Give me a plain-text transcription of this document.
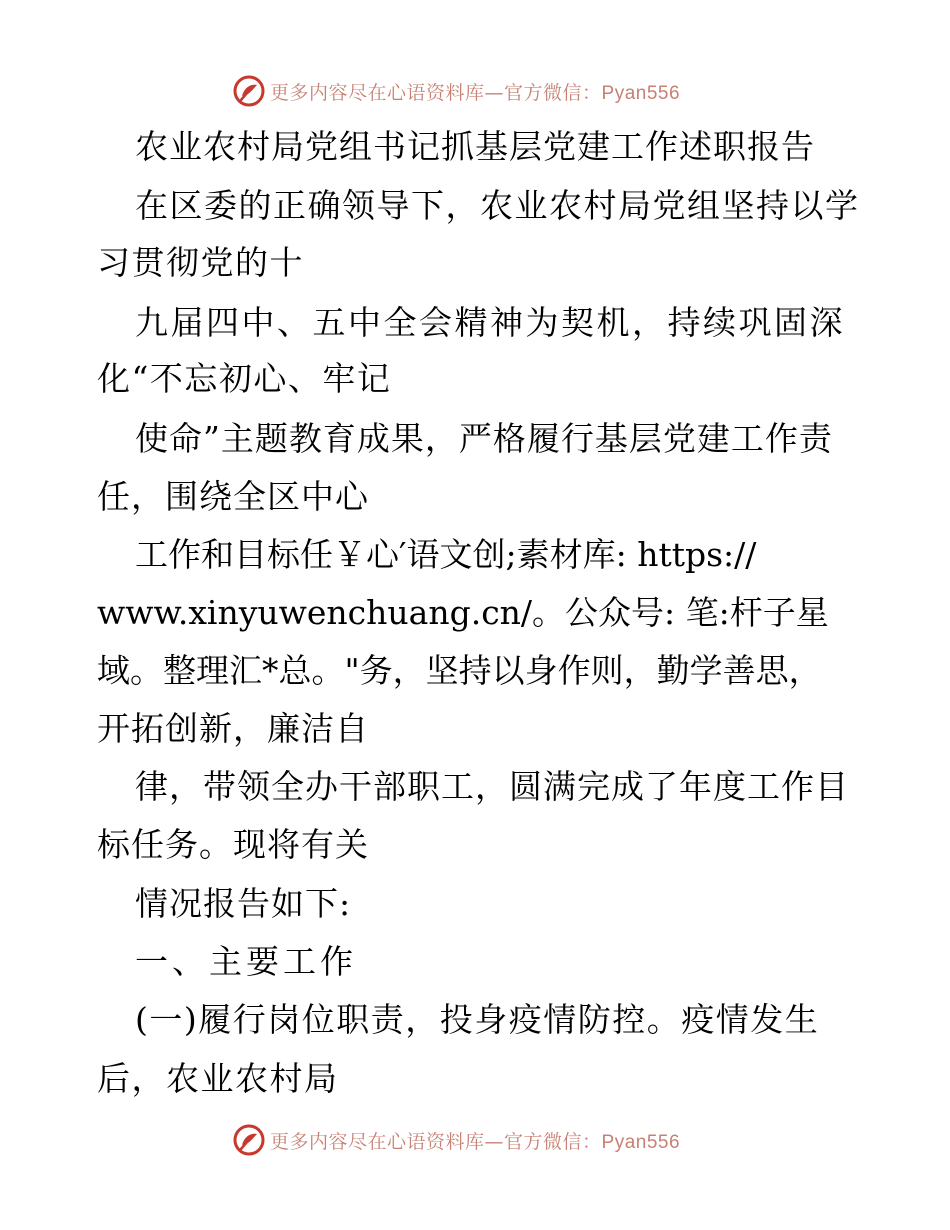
更多内容尽在心语资料库—官方微信：Pyan556
农业农村局党组书记抓基层党建工作述职报告
在区委的正确领导下，农业农村局党组坚持以学
习贯彻党的十
九届四中、五中全会精神为契机，持续巩固深
化“不忘初心、牢记
使命”主题教育成果，严格履行基层党建工作责
任，围绕全区中心
工作和目标任￥心′语文创;素材库: https://
www.xinyuwenchuang.cn/。公众号: 笔:杆子星
域。整理汇*总。"务，坚持以身作则，勤学善思，
开拓创新，廉洁自
律，带领全办干部职工，圆满完成了年度工作目
标任务。现将有关
情况报告如下:
一、主要工作
(一)履行岗位职责，投身疫情防控。疫情发生
后，农业农村局
更多内容尽在心语资料库—官方微信：Pyan556
